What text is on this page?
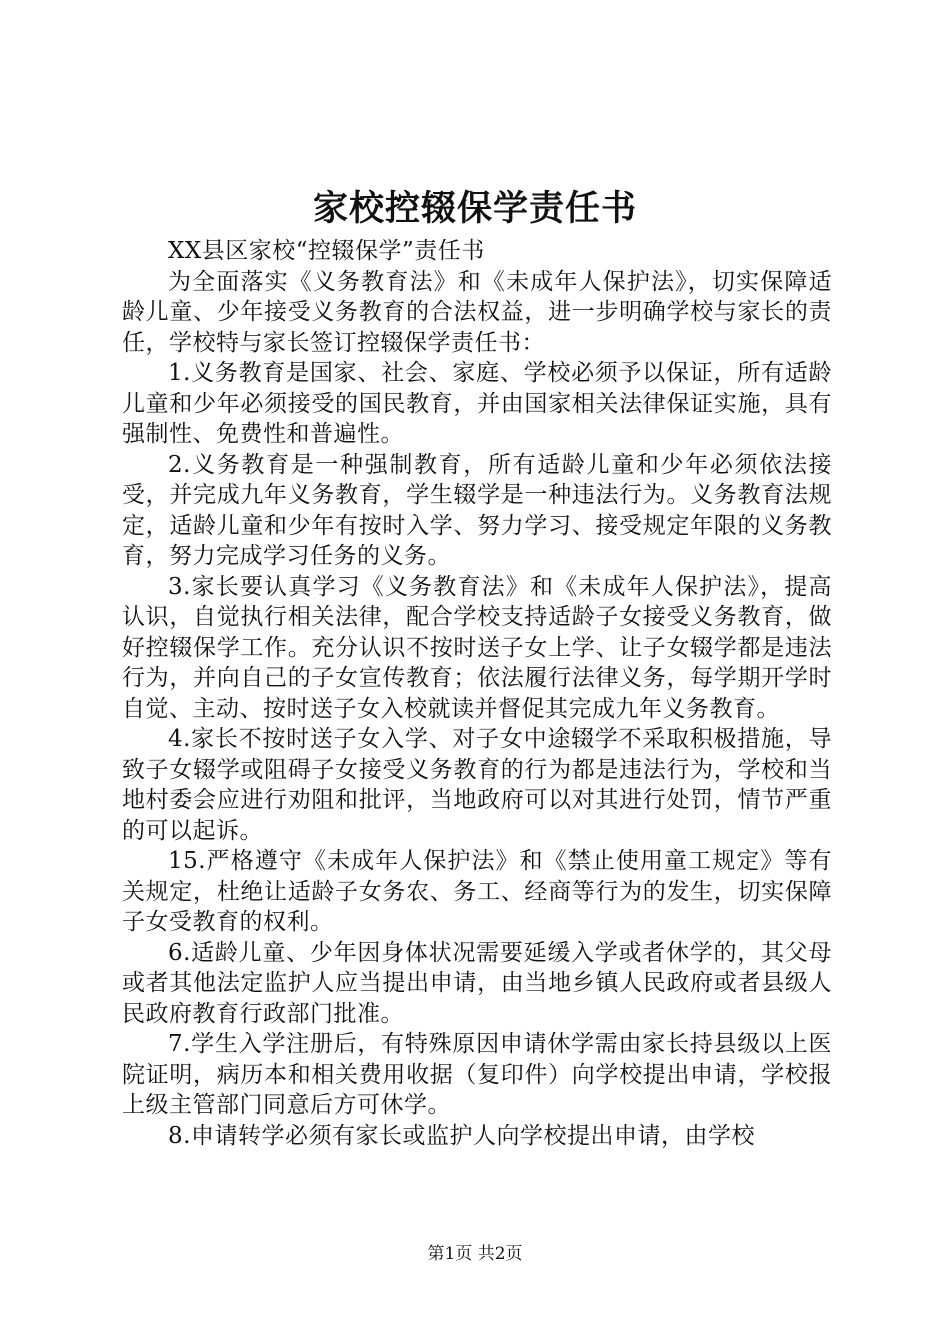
家校控辍保学责任书

XX县区家校“控辍保学”责任书

为全面落实《义务教育法》和《未成年人保护法》，切实保障适龄儿童、少年接受义务教育的合法权益，进一步明确学校与家长的责任，学校特与家长签订控辍保学责任书：

1.义务教育是国家、社会、家庭、学校必须予以保证，所有适龄儿童和少年必须接受的国民教育，并由国家相关法律保证实施，具有强制性、免费性和普遍性。

2.义务教育是一种强制教育，所有适龄儿童和少年必须依法接受，并完成九年义务教育，学生辍学是一种违法行为。义务教育法规定，适龄儿童和少年有按时入学、努力学习、接受规定年限的义务教育，努力完成学习任务的义务。

3.家长要认真学习《义务教育法》和《未成年人保护法》，提高认识，自觉执行相关法律，配合学校支持适龄子女接受义务教育，做好控辍保学工作。充分认识不按时送子女上学、让子女辍学都是违法行为，并向自己的子女宣传教育；依法履行法律义务，每学期开学时自觉、主动、按时送子女入校就读并督促其完成九年义务教育。

4.家长不按时送子女入学、对子女中途辍学不采取积极措施，导致子女辍学或阻碍子女接受义务教育的行为都是违法行为，学校和当地村委会应进行劝阻和批评，当地政府可以对其进行处罚，情节严重的可以起诉。

15.严格遵守《未成年人保护法》和《禁止使用童工规定》等有关规定，杜绝让适龄子女务农、务工、经商等行为的发生，切实保障子女受教育的权利。

6.适龄儿童、少年因身体状况需要延缓入学或者休学的，其父母或者其他法定监护人应当提出申请，由当地乡镇人民政府或者县级人民政府教育行政部门批准。

7.学生入学注册后，有特殊原因申请休学需由家长持县级以上医院证明，病历本和相关费用收据（复印件）向学校提出申请，学校报上级主管部门同意后方可休学。

8.申请转学必须有家长或监护人向学校提出申请，由学校

第1页 共2页
